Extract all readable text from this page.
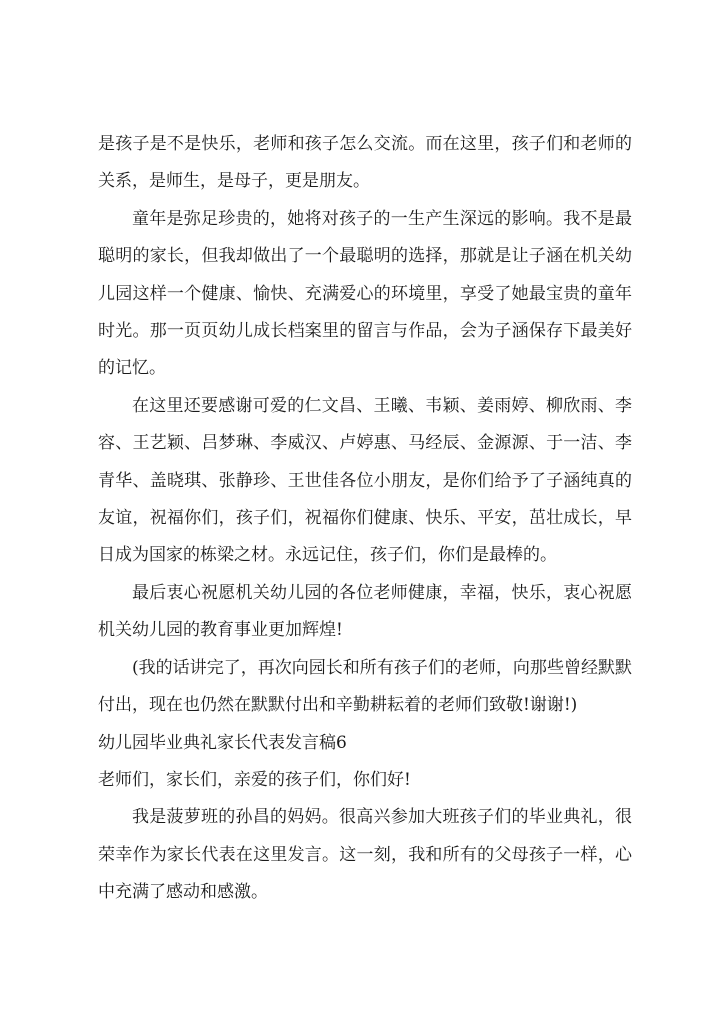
是孩子是不是快乐，老师和孩子怎么交流。而在这里，孩子们和老师的关系，是师生，是母子，更是朋友。

童年是弥足珍贵的，她将对孩子的一生产生深远的影响。我不是最聪明的家长，但我却做出了一个最聪明的选择，那就是让子涵在机关幼儿园这样一个健康、愉快、充满爱心的环境里，享受了她最宝贵的童年时光。那一页页幼儿成长档案里的留言与作品，会为子涵保存下最美好的记忆。

在这里还要感谢可爱的仁文昌、王曦、韦颖、姜雨婷、柳欣雨、李容、王艺颖、吕梦琳、李威汉、卢婷惠、马经辰、金源源、于一洁、李青华、盖晓琪、张静珍、王世佳各位小朋友，是你们给予了子涵纯真的友谊，祝福你们，孩子们，祝福你们健康、快乐、平安，茁壮成长，早日成为国家的栋梁之材。永远记住，孩子们，你们是最棒的。

最后衷心祝愿机关幼儿园的各位老师健康，幸福，快乐，衷心祝愿机关幼儿园的教育事业更加辉煌!

(我的话讲完了，再次向园长和所有孩子们的老师，向那些曾经默默付出，现在也仍然在默默付出和辛勤耕耘着的老师们致敬!谢谢!)

幼儿园毕业典礼家长代表发言稿6

老师们，家长们，亲爱的孩子们，你们好!

我是菠萝班的孙昌的妈妈。很高兴参加大班孩子们的毕业典礼，很荣幸作为家长代表在这里发言。这一刻，我和所有的父母孩子一样，心中充满了感动和感激。
